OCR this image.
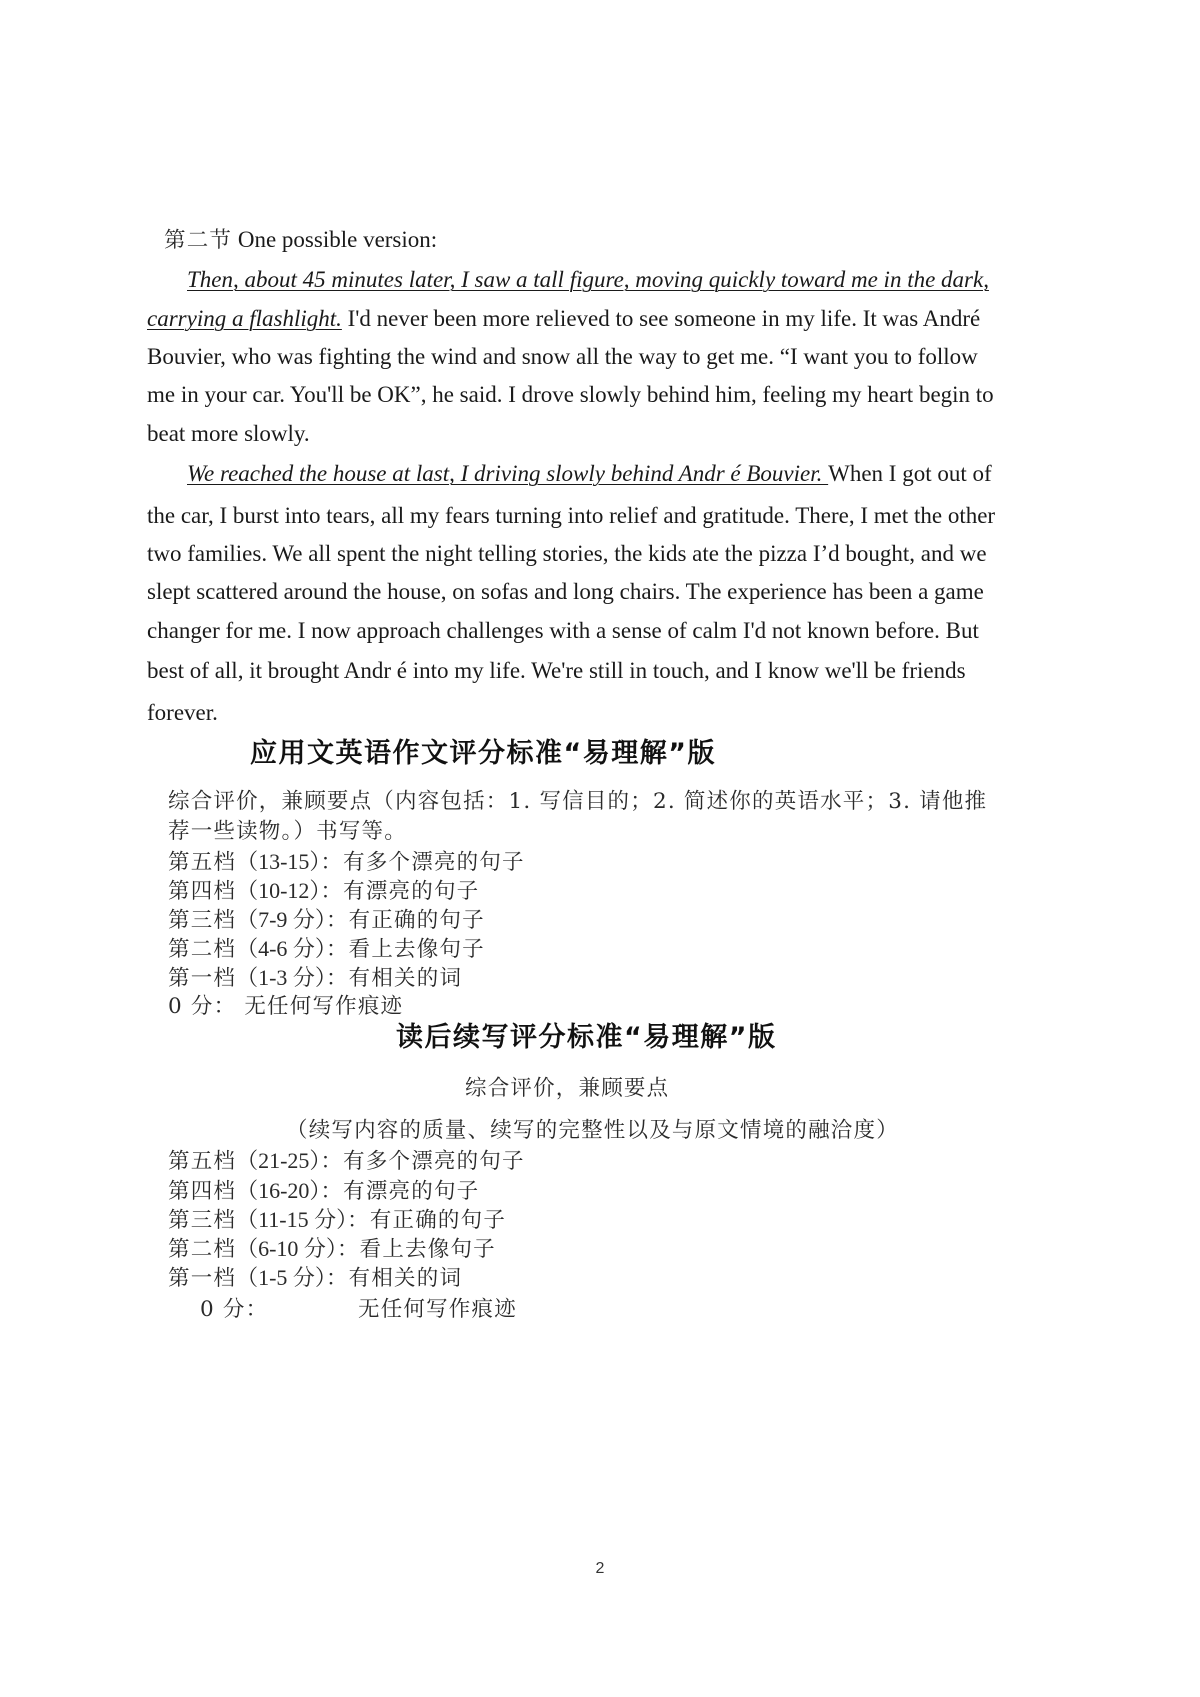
第二节 One possible version:
Then, about 45 minutes later, I saw a tall figure, moving quickly toward me in the dark,
carrying a flashlight. I'd never been more relieved to see someone in my life. It was André
Bouvier, who was fighting the wind and snow all the way to get me. “I want you to follow
me in your car. You'll be OK”, he said. I drove slowly behind him, feeling my heart begin to
beat more slowly.
We reached the house at last, I driving slowly behind Andr é Bouvier. When I got out of
the car, I burst into tears, all my fears turning into relief and gratitude. There, I met the other
two families. We all spent the night telling stories, the kids ate the pizza I’d bought, and we
slept scattered around the house, on sofas and long chairs. The experience has been a game
changer for me. I now approach challenges with a sense of calm I'd not known before. But
best of all, it brought Andr é into my life. We're still in touch, and I know we'll be friends
forever.
应用文英语作文评分标准“易理解”版
综合评价，兼顾要点（内容包括：1. 写信目的；2. 简述你的英语水平；3. 请他推
荐一些读物。）书写等。
第五档（13-15）：有多个漂亮的句子
第四档（10-12）：有漂亮的句子
第三档（7-9 分）：有正确的句子
第二档（4-6 分）：看上去像句子
第一档（1-3 分）：有相关的词
0 分： 无任何写作痕迹
读后续写评分标准“易理解”版
综合评价，兼顾要点
（续写内容的质量、续写的完整性以及与原文情境的融洽度）
第五档（21-25）：有多个漂亮的句子
第四档（16-20）：有漂亮的句子
第三档（11-15 分）：有正确的句子
第二档（6-10 分）：看上去像句子
第一档（1-5 分）：有相关的词
0 分：	无任何写作痕迹
2
